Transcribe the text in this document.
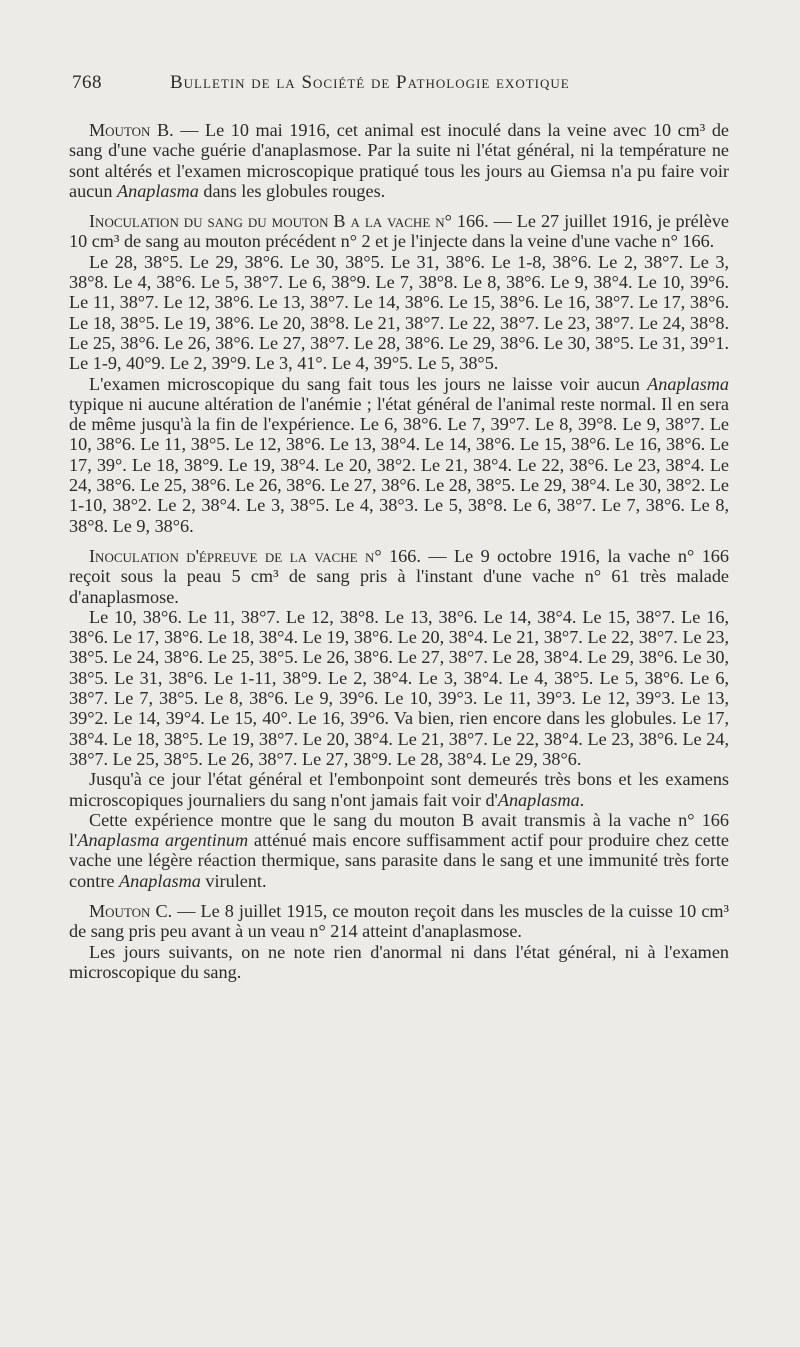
768	Bulletin de la Société de Pathologie exotique

Mouton B. — Le 10 mai 1916, cet animal est inoculé dans la veine avec 10 cm³ de sang d'une vache guérie d'anaplasmose. Par la suite ni l'état général, ni la température ne sont altérés et l'examen microscopique pratiqué tous les jours au Giemsa n'a pu faire voir aucun Anaplasma dans les globules rouges.

Inoculation du sang du mouton B a la vache n° 166. — Le 27 juillet 1916, je prélève 10 cm³ de sang au mouton précédent n° 2 et je l'injecte dans la veine d'une vache n° 166.

Le 28, 38°5. Le 29, 38°6. Le 30, 38°5. Le 31, 38°6. Le 1-8, 38°6. Le 2, 38°7. Le 3, 38°8. Le 4, 38°6. Le 5, 38°7. Le 6, 38°9. Le 7, 38°8. Le 8, 38°6. Le 9, 38°4. Le 10, 39°6. Le 11, 38°7. Le 12, 38°6. Le 13, 38°7. Le 14, 38°6. Le 15, 38°6. Le 16, 38°7. Le 17, 38°6. Le 18, 38°5. Le 19, 38°6. Le 20, 38°8. Le 21, 38°7. Le 22, 38°7. Le 23, 38°7. Le 24, 38°8. Le 25, 38°6. Le 26, 38°6. Le 27, 38°7. Le 28, 38°6. Le 29, 38°6. Le 30, 38°5. Le 31, 39°1. Le 1-9, 40°9. Le 2, 39°9. Le 3, 41°. Le 4, 39°5. Le 5, 38°5.

L'examen microscopique du sang fait tous les jours ne laisse voir aucun Anaplasma typique ni aucune altération de l'anémie ; l'état général de l'animal reste normal. Il en sera de même jusqu'à la fin de l'expérience. Le 6, 38°6. Le 7, 39°7. Le 8, 39°8. Le 9, 38°7. Le 10, 38°6. Le 11, 38°5. Le 12, 38°6. Le 13, 38°4. Le 14, 38°6. Le 15, 38°6. Le 16, 38°6. Le 17, 39°. Le 18, 38°9. Le 19, 38°4. Le 20, 38°2. Le 21, 38°4. Le 22, 38°6. Le 23, 38°4. Le 24, 38°6. Le 25, 38°6. Le 26, 38°6. Le 27, 38°6. Le 28, 38°5. Le 29, 38°4. Le 30, 38°2. Le 1-10, 38°2. Le 2, 38°4. Le 3, 38°5. Le 4, 38°3. Le 5, 38°8. Le 6, 38°7. Le 7, 38°6. Le 8, 38°8. Le 9, 38°6.

Inoculation d'épreuve de la vache n° 166. — Le 9 octobre 1916, la vache n° 166 reçoit sous la peau 5 cm³ de sang pris à l'instant d'une vache n° 61 très malade d'anaplasmose.

Le 10, 38°6. Le 11, 38°7. Le 12, 38°8. Le 13, 38°6. Le 14, 38°4. Le 15, 38°7. Le 16, 38°6. Le 17, 38°6. Le 18, 38°4. Le 19, 38°6. Le 20, 38°4. Le 21, 38°7. Le 22, 38°7. Le 23, 38°5. Le 24, 38°6. Le 25, 38°5. Le 26, 38°6. Le 27, 38°7. Le 28, 38°4. Le 29, 38°6. Le 30, 38°5. Le 31, 38°6. Le 1-11, 38°9. Le 2, 38°4. Le 3, 38°4. Le 4, 38°5. Le 5, 38°6. Le 6, 38°7. Le 7, 38°5. Le 8, 38°6. Le 9, 39°6. Le 10, 39°3. Le 11, 39°3. Le 12, 39°3. Le 13, 39°2. Le 14, 39°4. Le 15, 40°. Le 16, 39°6. Va bien, rien encore dans les globules. Le 17, 38°4. Le 18, 38°5. Le 19, 38°7. Le 20, 38°4. Le 21, 38°7. Le 22, 38°4. Le 23, 38°6. Le 24, 38°7. Le 25, 38°5. Le 26, 38°7. Le 27, 38°9. Le 28, 38°4. Le 29, 38°6.

Jusqu'à ce jour l'état général et l'embonpoint sont demeurés très bons et les examens microscopiques journaliers du sang n'ont jamais fait voir d'Anaplasma.

Cette expérience montre que le sang du mouton B avait transmis à la vache n° 166 l'Anaplasma argentinum atténué mais encore suffisamment actif pour produire chez cette vache une légère réaction thermique, sans parasite dans le sang et une immunité très forte contre Anaplasma virulent.

Mouton C. — Le 8 juillet 1915, ce mouton reçoit dans les muscles de la cuisse 10 cm³ de sang pris peu avant à un veau n° 214 atteint d'anaplasmose.

Les jours suivants, on ne note rien d'anormal ni dans l'état général, ni à l'examen microscopique du sang.
